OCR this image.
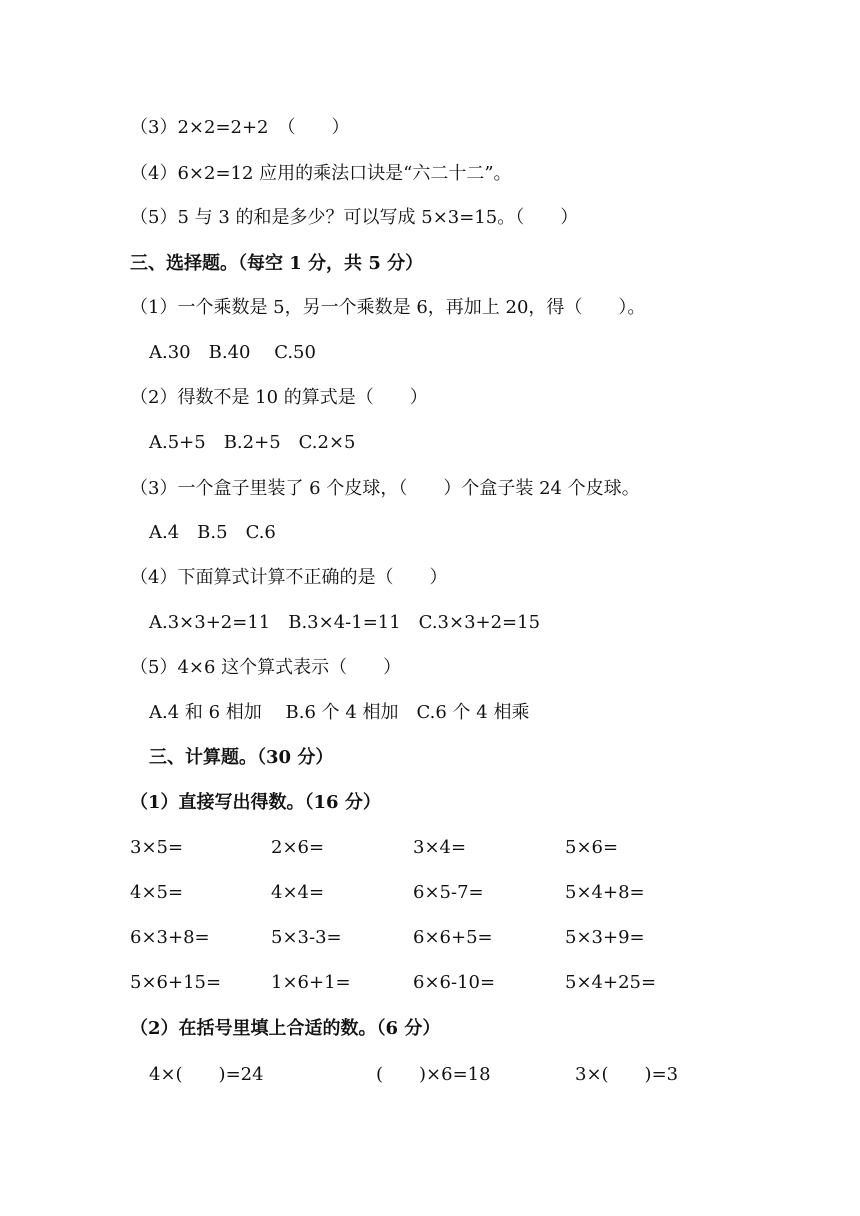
（3）2×2=2+2　（　　）
（4）6×2=12 应用的乘法口诀是“六二十二”。
（5）5 与 3 的和是多少？可以写成 5×3=15。（　　）
三、选择题。（每空 1 分，共 5 分）
（1）一个乘数是 5，另一个乘数是 6，再加上 20，得（　　）。
A.30　B.40　 C.50
（2）得数不是 10 的算式是（　　）
A.5+5　B.2+5　C.2×5
（3）一个盒子里装了 6 个皮球，（　　）个盒子装 24 个皮球。
A.4　B.5　C.6
（4）下面算式计算不正确的是（　　）
A.3×3+2=11　B.3×4-1=11　C.3×3+2=15
（5）4×6 这个算式表示（　　）
A.4 和 6 相加　 B.6 个 4 相加　C.6 个 4 相乘
三、计算题。（30 分）
（1）直接写出得数。（16 分）
3×5=	2×6=	3×4=	5×6=
4×5=	4×4=	6×5-7=	5×4+8=
6×3+8=	5×3-3=	6×6+5=	5×3+9=
5×6+15=	1×6+1=	6×6-10=	5×4+25=
（2）在括号里填上合适的数。（6 分）
4×(　　)=24	(　　)×6=18	3×(　　)=3
